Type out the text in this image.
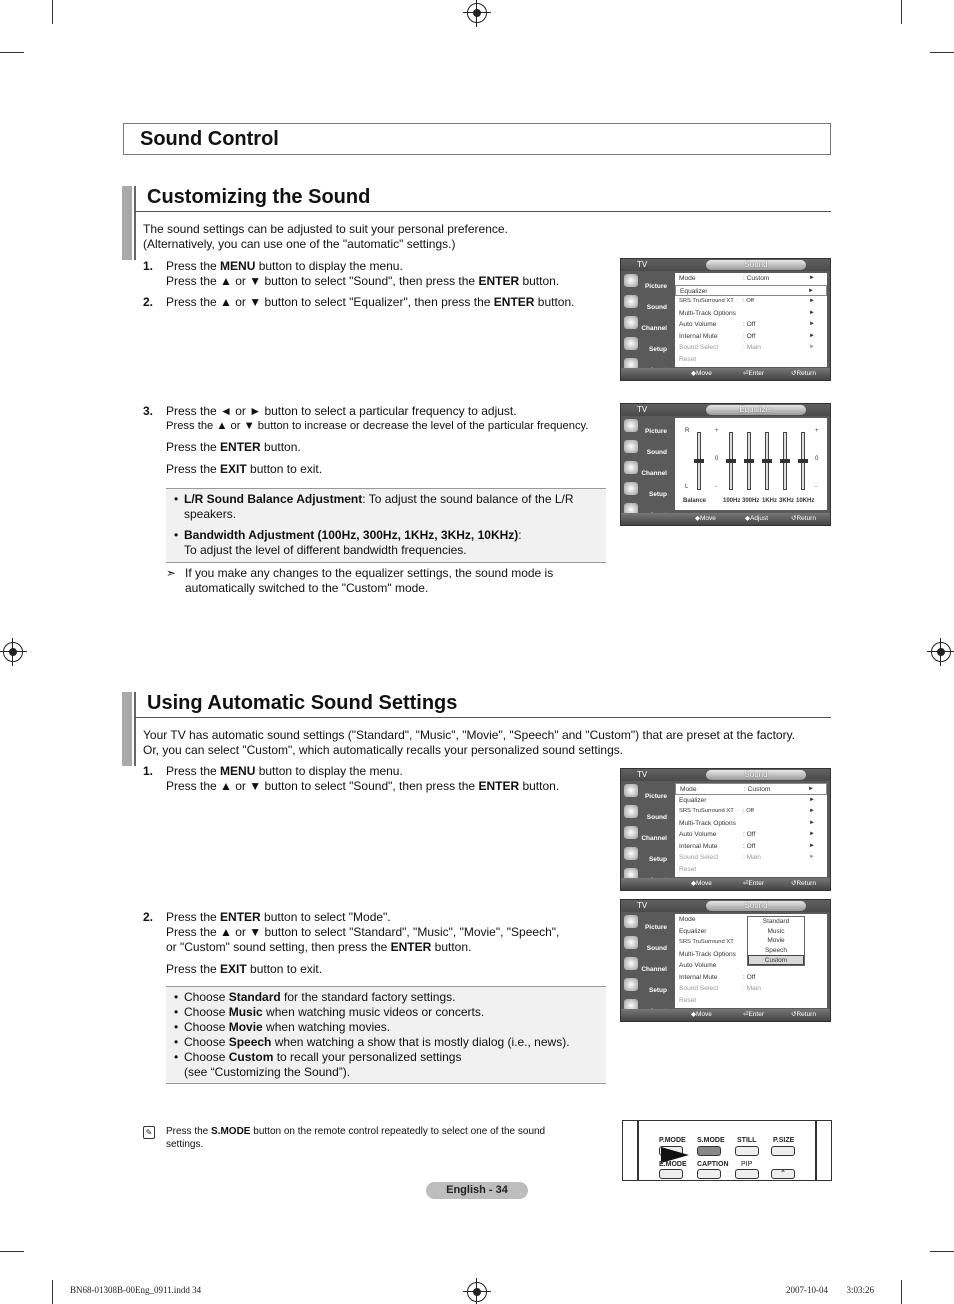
Sound Control
Customizing the Sound
The sound settings can be adjusted to suit your personal preference.
(Alternatively, you can use one of the "automatic" settings.)
1. Press the MENU button to display the menu.
Press the ▲ or ▼ button to select "Sound", then press the ENTER button.
2. Press the ▲ or ▼ button to select "Equalizer", then press the ENTER button.
3. Press the ◄ or ► button to select a particular frequency to adjust.
Press the ▲ or ▼ button to increase or decrease the level of the particular frequency.
Press the ENTER button.
Press the EXIT button to exit.
• L/R Sound Balance Adjustment: To adjust the sound balance of the L/R
speakers.
• Bandwidth Adjustment (100Hz, 300Hz, 1KHz, 3KHz, 10KHz):
To adjust the level of different bandwidth frequencies.
➣ If you make any changes to the equalizer settings, the sound mode is
automatically switched to the "Custom" mode.
TV	Sound
Picture
Sound
Channel
Setup
Mode	: Custom	►
Equalizer	►
SRS TruSurround XT : Off	►
Multi-Track Options	►
Auto Volume	: Off	►
Internal Mute	: Off	►
Sound Select	: Main	►
Reset
◆ Move	⏎ Enter	↺ Return
TV	Equalizer
Picture
Sound
Channel
Setup
R
L
+
0
-
+
0
-
Balance	100Hz 300Hz 1KHz 3KHz 10KHz
◆ Move	◆ Adjust	↺ Return
Using Automatic Sound Settings
Your TV has automatic sound settings ("Standard", "Music", "Movie", "Speech" and "Custom") that are preset at the factory.
Or, you can select "Custom", which automatically recalls your personalized sound settings.
1. Press the MENU button to display the menu.
Press the ▲ or ▼ button to select "Sound", then press the ENTER button.
2. Press the ENTER button to select "Mode".
Press the ▲ or ▼ button to select "Standard", "Music", "Movie", "Speech",
or "Custom" sound setting, then press the ENTER button.
Press the EXIT button to exit.
• Choose Standard for the standard factory settings.
• Choose Music when watching music videos or concerts.
• Choose Movie when watching movies.
• Choose Speech when watching a show that is mostly dialog (i.e., news).
• Choose Custom to recall your personalized settings
(see “Customizing the Sound”).
TV	Sound
Picture
Sound
Channel
Setup
Mode	: Custom	►
Equalizer	►
SRS TruSurround XT : Off	►
Multi-Track Options	►
Auto Volume	: Off	►
Internal Mute	: Off	►
Sound Select	: Main	►
Reset
◆ Move	⏎ Enter	↺ Return
TV	Sound
Picture
Sound
Channel
Setup
Mode
Equalizer
SRS TruSurround XT
Multi-Track Options
Auto Volume
Internal Mute	: Off
Sound Select	: Main
Reset
Standard
Music
Movie
Speech
Custom
◆ Move	⏎ Enter	↺ Return
✎ Press the S.MODE button on the remote control repeatedly to select one of the sound
settings.	P.MODE S.MODE STILL P.SIZE
E.MODE CAPTION PIP
⌃
English - 34
BN68-01308B-00Eng_0911.indd 34	2007-10-04 ￿￿ 3:03:26
